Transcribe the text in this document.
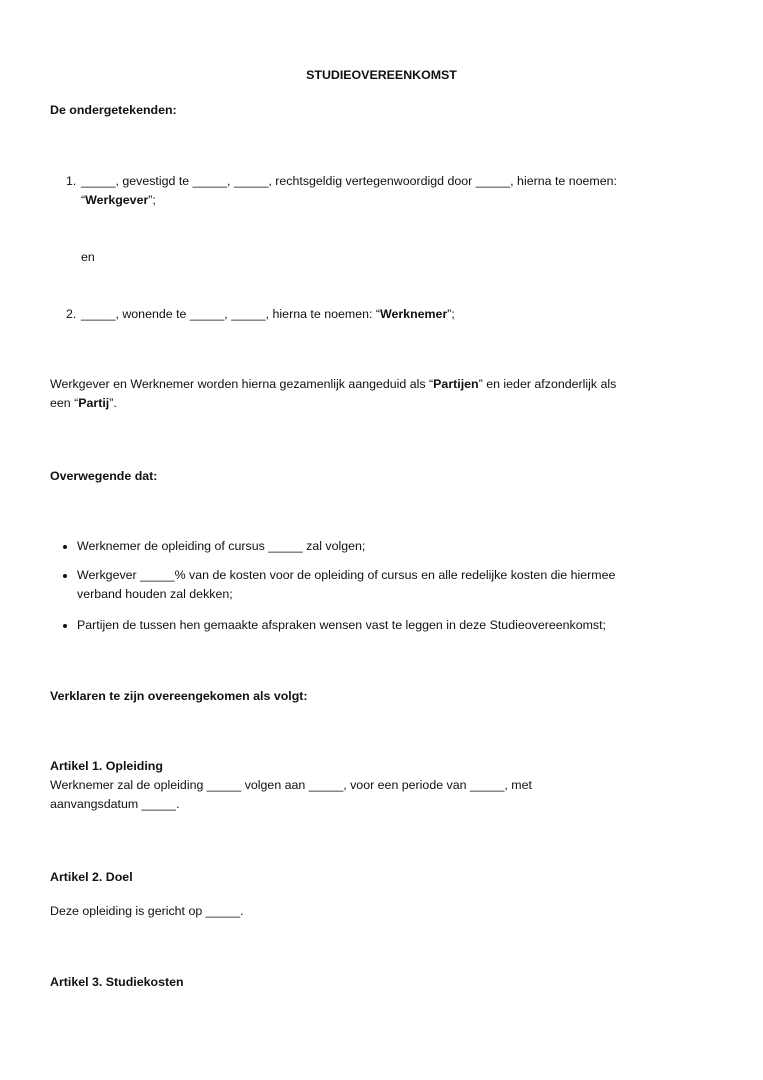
STUDIEOVEREENKOMST
De ondergetekenden:
1. _____, gevestigd te _____, _____, rechtsgeldig vertegenwoordigd door _____, hierna te noemen:
“Werkgever”;
en
2. _____, wonende te _____, _____, hierna te noemen: “Werknemer”;
Werkgever en Werknemer worden hierna gezamenlijk aangeduid als “Partijen” en ieder afzonderlijk als
een “Partij”.
Overwegende dat:
Werknemer de opleiding of cursus _____ zal volgen;
Werkgever _____% van de kosten voor de opleiding of cursus en alle redelijke kosten die hiermee
verband houden zal dekken;
Partijen de tussen hen gemaakte afspraken wensen vast te leggen in deze Studieovereenkomst;
Verklaren te zijn overeengekomen als volgt:
Artikel 1. Opleiding
Werknemer zal de opleiding _____ volgen aan _____, voor een periode van _____, met
aanvangsdatum _____.
Artikel 2. Doel
Deze opleiding is gericht op _____.
Artikel 3. Studiekosten
